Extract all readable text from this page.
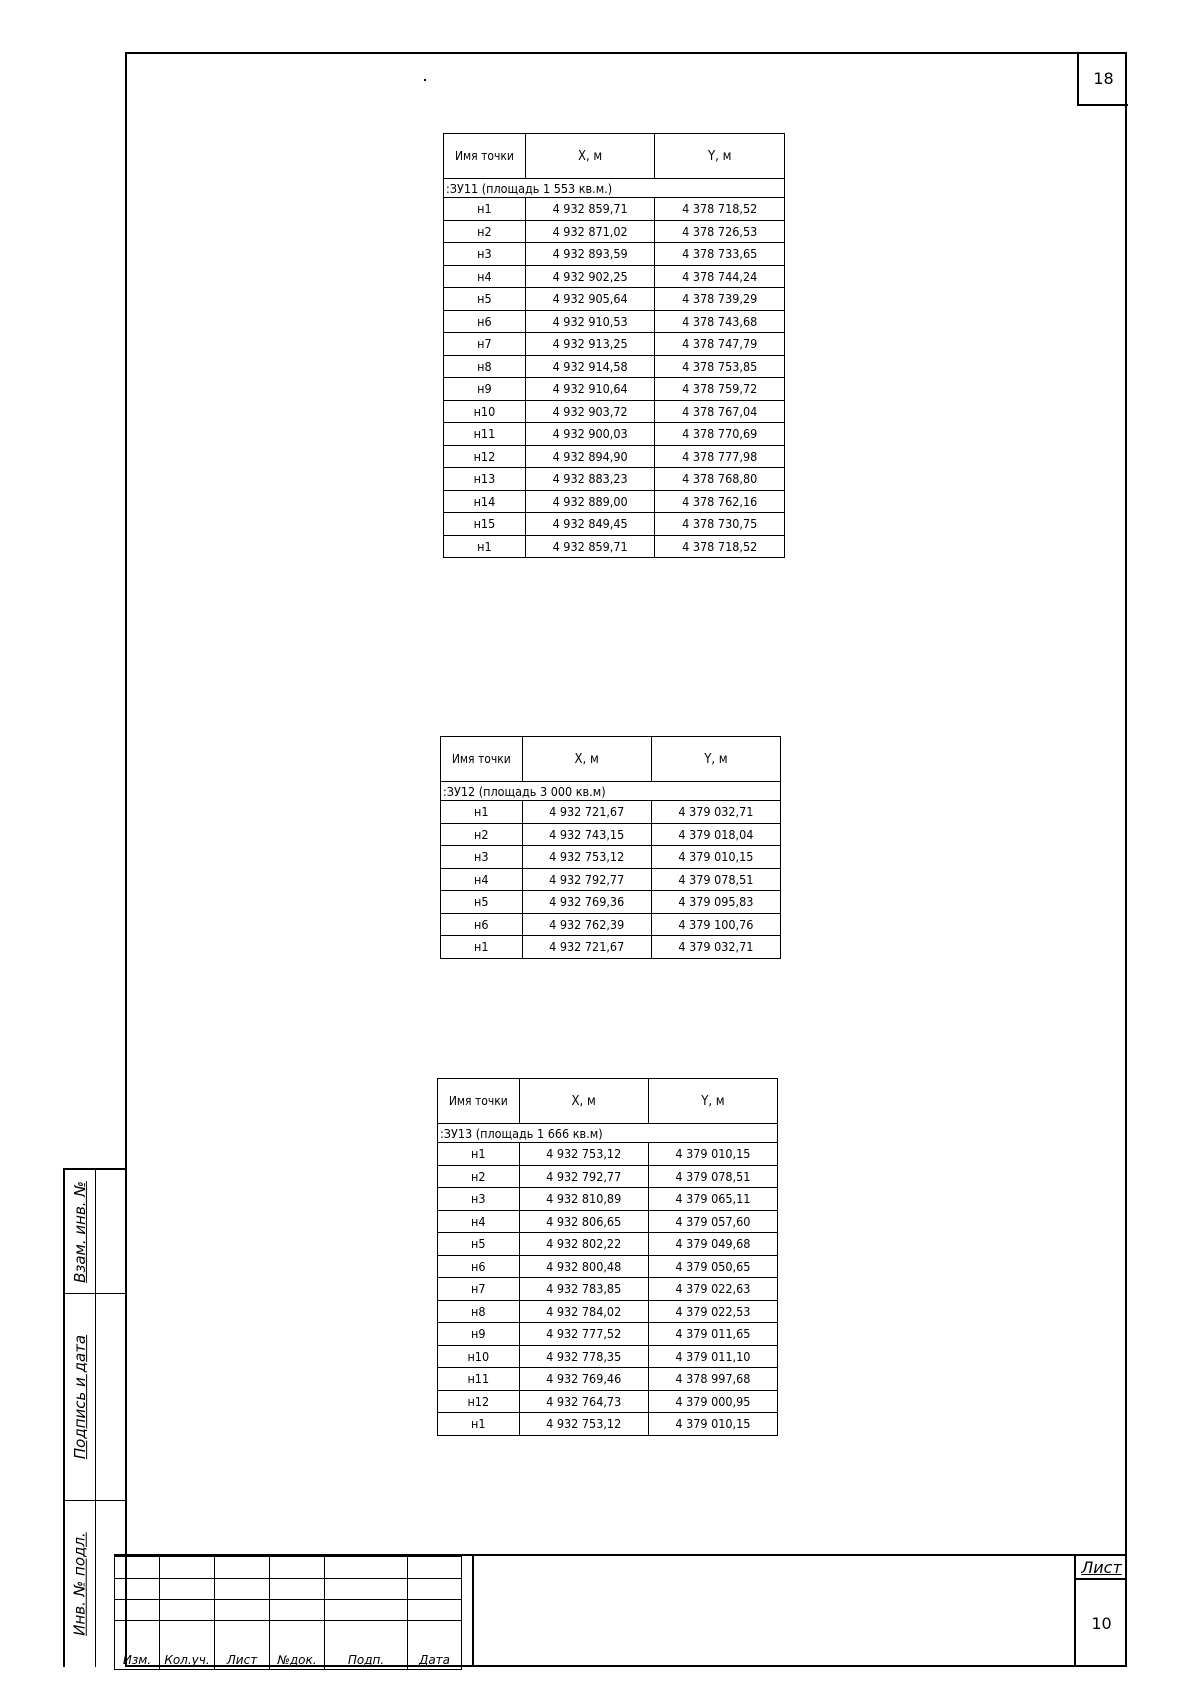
18
Взам. инв. №
Подпись и дата
Инв. № подл.
Имя точки	X, м	Y, м
:ЗУ11 (площадь 1 553 кв.м.)		
н1	4 932 859,71	4 378 718,52
н2	4 932 871,02	4 378 726,53
н3	4 932 893,59	4 378 733,65
н4	4 932 902,25	4 378 744,24
н5	4 932 905,64	4 378 739,29
н6	4 932 910,53	4 378 743,68
н7	4 932 913,25	4 378 747,79
н8	4 932 914,58	4 378 753,85
н9	4 932 910,64	4 378 759,72
н10	4 932 903,72	4 378 767,04
н11	4 932 900,03	4 378 770,69
н12	4 932 894,90	4 378 777,98
н13	4 932 883,23	4 378 768,80
н14	4 932 889,00	4 378 762,16
н15	4 932 849,45	4 378 730,75
н1	4 932 859,71	4 378 718,52
Имя точки	X, м	Y, м
:ЗУ12 (площадь 3 000 кв.м)		
н1	4 932 721,67	4 379 032,71
н2	4 932 743,15	4 379 018,04
н3	4 932 753,12	4 379 010,15
н4	4 932 792,77	4 379 078,51
н5	4 932 769,36	4 379 095,83
н6	4 932 762,39	4 379 100,76
н1	4 932 721,67	4 379 032,71
Имя точки	X, м	Y, м
:ЗУ13 (площадь 1 666 кв.м)		
н1	4 932 753,12	4 379 010,15
н2	4 932 792,77	4 379 078,51
н3	4 932 810,89	4 379 065,11
н4	4 932 806,65	4 379 057,60
н5	4 932 802,22	4 379 049,68
н6	4 932 800,48	4 379 050,65
н7	4 932 783,85	4 379 022,63
н8	4 932 784,02	4 379 022,53
н9	4 932 777,52	4 379 011,65
н10	4 932 778,35	4 379 011,10
н11	4 932 769,46	4 378 997,68
н12	4 932 764,73	4 379 000,95
н1	4 932 753,12	4 379 010,15

Изм.	Кол.уч.	Лист	№док.	Подп.	Дата
Лист
10
